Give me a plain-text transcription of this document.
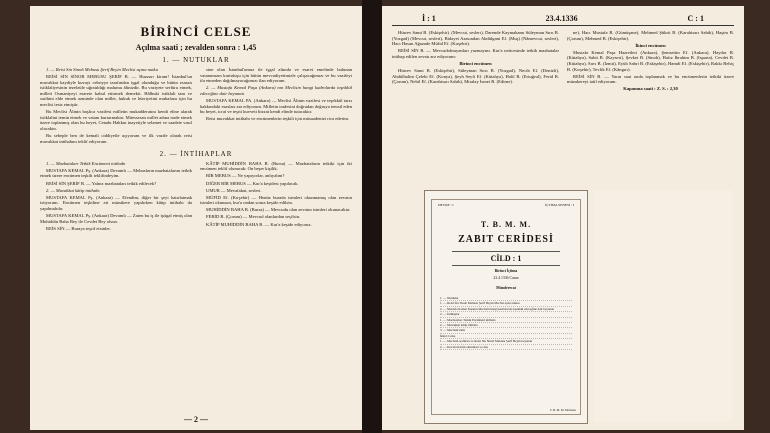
BİRİNCİ CELSE
Açılma saati ; zevalden sonra : 1,45
1. — NUTUKLAR

1. — Reisi Sin Sinob Mebusu Şerif Beyin Meclisi açma nutku

REİSİ SİN SİNOB MEBUSU ŞERİF B. — Huzzarı kiram! İstanbul'un muvakkat kaydiyle kuvayi cebriyye tarafından işgal olunduğu ve bütün esasatı istiklaliyesinin tezelzüle uğratıldığı malumu âlinizdir. Bu vaziyete serfüru etmek, milleti Osmaniyeyi esarete kabul ettirmek demekti. Hâlbuki istiklali tam ve sarihini elde etmek azminde olan millet, hukuk ve hürriyetini muhafaza için bu meclisi tesis etmiştir.

Bu Meclisi Âlinin başlıca vazifesi milletin mukadderatını kendi eline alarak istiklalini temin etmek ve vatanı kurtarmaktır. Müessesatı millet adına irade etmek üzere toplanmış olan bu heyet, Cenabı Hakkın inayetiyle selamet ve saadete vasıl olacaktır.

Bu sebeple ben de kemali ciddiyetle açıyorum ve ilk vazife olarak reisi muvakkat intihabını teklif ediyorum.

sine olan İstanbul'umuz ile işgal altında ve esaret emelinde bulunan vatanımızın kurtuluşu için bütün mevcudiyetimizle çalışacağımızı ve bu vazifeyi ifa etmeden dağılmayacağımızı ilan ediyorum.

2. — Mustafa Kemal Paşa (Ankara) nın Meclisin hangi kadrolarda teşekkül edeceğine dair beyanatı

MUSTAFA KEMAL PA. (Ankara) — Meclisi Âlinin vazifesi ve teşekkül tarzı hakkındaki esasları arz ediyorum. Milletin iradesini doğrudan doğruya temsil eden bu heyet, icrai ve teşrii kuvveti bizzat kendi elinde tutacaktır.

Reisi muvakkat intihabı ve encümenlerin teşkili için müsaadenizi rica ederim.

2. — İNTİHAPLAR

1. — Mazbataları Tetkik Encümeni intihabı

MUSTAFA KEMAL Pş. (Ankara) Devamlı — Mebusların mazbatalarını tetkik etmek üzere encümen teşkili teklifindeyim.

REİSİ SİN ŞERİF B. — Yalnız mazbataları tetkik edilecek?

2. — Muvakkat kâtip intihabı

MUSTAFA KEMAL Pş. (Ankara) — Efendim, diğer bir şeyi hatırlatmak istiyorum. Encümen teşkiline ait müzakere yapılırken kâtip intihabı da yapılmalıdır.

MUSTAFA KEMAL Pş. (Ankara) Devamlı — Zaten bu iş ile iştigal etmiş olan Muhiddin Baha Bey ile Cevdet Bey olsun.

REİS SİN — Buraya teşrif etsinler.

KÂTİP MUHİDDİN BAHA B. (Bursa) — Mazbataların tetkiki için iki encümen teklif olunacak: On beşer kişilik.

BİR MEBUS — Ne yapıyorlar, anlıyalım?

DİĞER BİR MEBUS — Kur'a keşidesi yapılacak.

UMUR — Mevafakat, sesleri.

MÜFİD Ef. (Kırşehir) — Henüz burada isimleri okunmamış olan zevatın isimleri okunsun, kur'a ondan sonra keşide edilsin.

MUHİDDİN BAHA B. (Bursa) — Mevcudu olan zevatın isimleri okunacaktır.

FERİD B. (Çorum) — Mevcud olanlardan seçilsin.

KÂTİP MUHİDDİN BAHA B. — Kur'a keşide ediyoruz.

— 2 —
İ : 1	23.4.1336	C : 1

Hüsrev Sami B. (Eskişehir). (Mevcut, seslerı), Darende Kaymakamı Süleyman Sırrı B. (Yozgad) (Mevcut, sesleri), Bidayet Azasından Abdülgani Ef. (Muş) (Nâmevcut, sesleri), Hacı Hasan Ağazade Müfid Ef. (Kırşehir).

REİSİ SİN B. — Mevcudolmıyanları yazmayım. Kur'a neticesinde tetkik mazbatalar intihap edilen zevatı arz ediyorum:

Birinci encümen

Hüsrev Sami B. (Eskişehir), Süleyman Sırrı B. (Yozgad), Necib Ef. (Denizli), Abdülhalim Çelebi Ef. (Konya), Şeyh Seyfi Ef. (Kütahya), Halil B. (Ertuğrul), Ferid B. (Çorum), Nebil Ef. (Karahisarı Sahib), Miralay İsmet B. (Edirne).

ne), Hacı Mustafa B. (Gümüşane), Mehmed Şükrü B. (Karahisarı Sahib), Haşim B. (Çorum), Mehmed B. (Eskişehir).

İkinci encümen

Mustafa Kemal Paşa Hazretleri (Ankara), Şemsettin Ef. (Ankara), Haydar B. (Kütahya), Sabit B. (Kayseri), Şevket B. (Sinob), Hafız İbrahim B. (Isparta), Cevdet B. (Kütahya), Sırrı B. (İzmit), Eyüb Sabri B. (Eskişehir), Hamdi Ef. (Eskişehir), Rakkı Behiç B. (Kırşehir), Tevfik Ef. (Kângırı).

REİSİ SİN B. — Yarın saat onda toplanmak ve bu encümenlerin tetkiki üzere müzakereyi tatil ediyorum.

Kapanma saati : Z. S. : 2,30

DEVRE : I	İÇTİMA SENESİ : I
T. B. M. M.
ZABIT CERİDESİ
CİLD : 1
Birinci İçtima
23.4.1336 Cuma
Münderecat
1. — Nutuklar
1. — Reisi Sin Sinob Mebusu Şerif Beyin Meclisi açma nutku
2. — Mustafa Kemal Paşanın Meclisin hangi kadrolarda teşekkül edeceğine dair beyanatı
2. — İntihaplar
1. — Mazbataları Tetkik Encümeni intihabı
2. — Muvakkat kâtip intihabı
3. — Meclisin tatili
İkinci Celse
1. — Meclisin açılması ve Reisi Sin Sinob Mebusu Şerif Beyin beyanatı
2. — Kur'anı Kerim okunması ve dua
T. B. M. M. Matbaası
